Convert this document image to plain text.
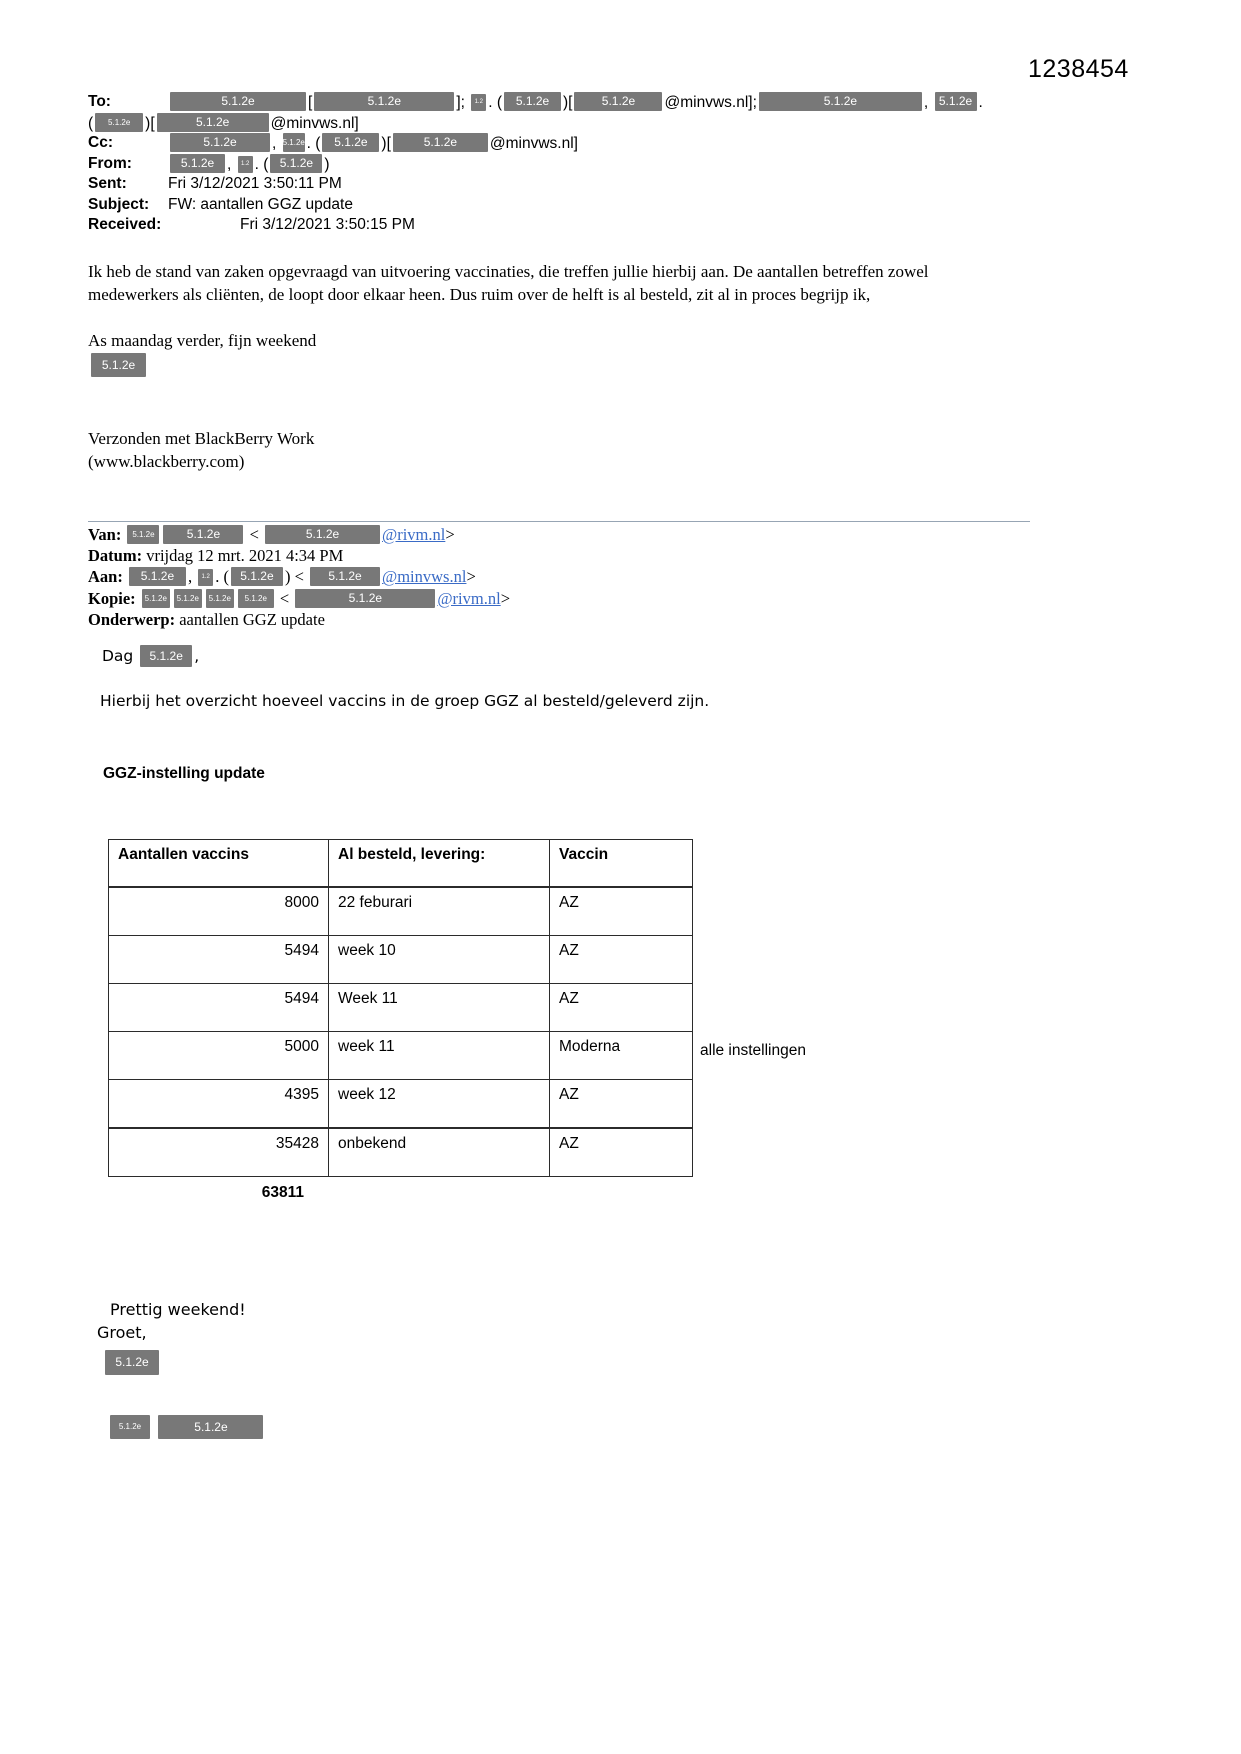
1238454
To:	5.1.2e	[	5.1.2e	]; 1.2 . ( 5.1.2e )[ 5.1.2e @minvws.nl];	5.1.2e	, 5.1.2e .
( 5.1.2e )[	5.1.2e	@minvws.nl]
Cc:	5.1.2e , 5.1.2e . ( 5.1.2e )[	5.1.2e @minvws.nl]
From:	5.1.2e , 1.2 . ( 5.1.2e )
Sent:	Fri 3/12/2021 3:50:11 PM
Subject:	FW: aantallen GGZ update
Received:	Fri 3/12/2021 3:50:15 PM
Ik heb de stand van zaken opgevraagd van uitvoering vaccinaties, die treffen jullie hierbij aan. De aantallen betreffen zowel
medewerkers als cliënten, de loopt door elkaar heen. Dus ruim over de helft is al besteld, zit al in proces begrijp ik,
As maandag verder, fijn weekend
5.1.2e
Verzonden met BlackBerry Work
(www.blackberry.com)
Van: 5.1.2e	5.1.2e <	5.1.2e	@rivm.nl>
Datum: vrijdag 12 mrt. 2021 4:34 PM
Aan: 5.1.2e , 1.2 . ( 5.1.2e ) < 5.1.2e @minvws.nl>
Kopie: 5.1.2e 5.1.2e 5.1.2e 5.1.2e <	5.1.2e	@rivm.nl>
Onderwerp: aantallen GGZ update
Dag 5.1.2e ,
Hierbij het overzicht hoeveel vaccins in de groep GGZ al besteld/geleverd zijn.
GGZ-instelling update
Aantallen vaccins	Al besteld, levering:	Vaccin
8000	22 feburari	AZ
5494	week 10	AZ
5494	Week 11	AZ
5000	week 11	Moderna
4395	week 12	AZ
35428	onbekend	AZ
alle instellingen
63811
Prettig weekend!
Groet,
5.1.2e
5.1.2e	5.1.2e
